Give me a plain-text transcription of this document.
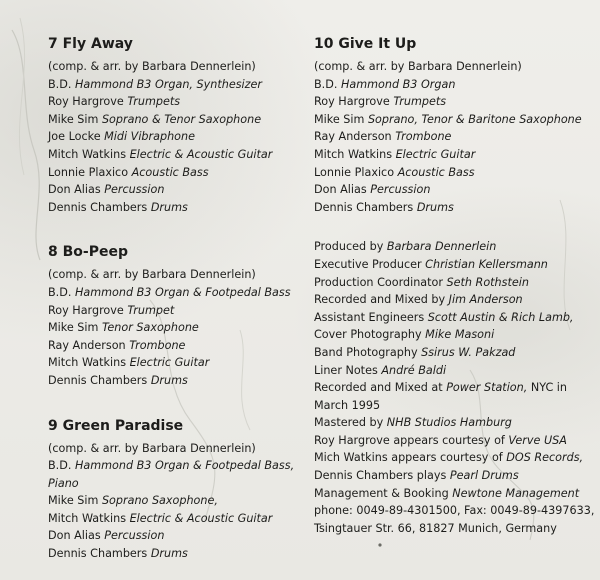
7 Fly Away
(comp. & arr. by Barbara Dennerlein)
B.D. Hammond B3 Organ, Synthesizer
Roy Hargrove Trumpets
Mike Sim Soprano & Tenor Saxophone
Joe Locke Midi Vibraphone
Mitch Watkins Electric & Acoustic Guitar
Lonnie Plaxico Acoustic Bass
Don Alias Percussion
Dennis Chambers Drums
8 Bo-Peep
(comp. & arr. by Barbara Dennerlein)
B.D. Hammond B3 Organ & Footpedal Bass
Roy Hargrove Trumpet
Mike Sim Tenor Saxophone
Ray Anderson Trombone
Mitch Watkins Electric Guitar
Dennis Chambers Drums
9 Green Paradise
(comp. & arr. by Barbara Dennerlein)
B.D. Hammond B3 Organ & Footpedal Bass,
Piano
Mike Sim Soprano Saxophone,
Mitch Watkins Electric & Acoustic Guitar
Don Alias Percussion
Dennis Chambers Drums
10 Give It Up
(comp. & arr. by Barbara Dennerlein)
B.D. Hammond B3 Organ
Roy Hargrove Trumpets
Mike Sim Soprano, Tenor & Baritone Saxophone
Ray Anderson Trombone
Mitch Watkins Electric Guitar
Lonnie Plaxico Acoustic Bass
Don Alias Percussion
Dennis Chambers Drums
Produced by Barbara Dennerlein
Executive Producer Christian Kellersmann
Production Coordinator Seth Rothstein
Recorded and Mixed by Jim Anderson
Assistant Engineers Scott Austin & Rich Lamb,
Cover Photography Mike Masoni
Band Photography Ssirus W. Pakzad
Liner Notes André Baldi
Recorded and Mixed at Power Station, NYC in
March 1995
Mastered by NHB Studios Hamburg
Roy Hargrove appears courtesy of Verve USA
Mich Watkins appears courtesy of DOS Records,
Dennis Chambers plays Pearl Drums
Management & Booking Newtone Management
phone: 0049-89-4301500, Fax: 0049-89-4397633,
Tsingtauer Str. 66, 81827 Munich, Germany
